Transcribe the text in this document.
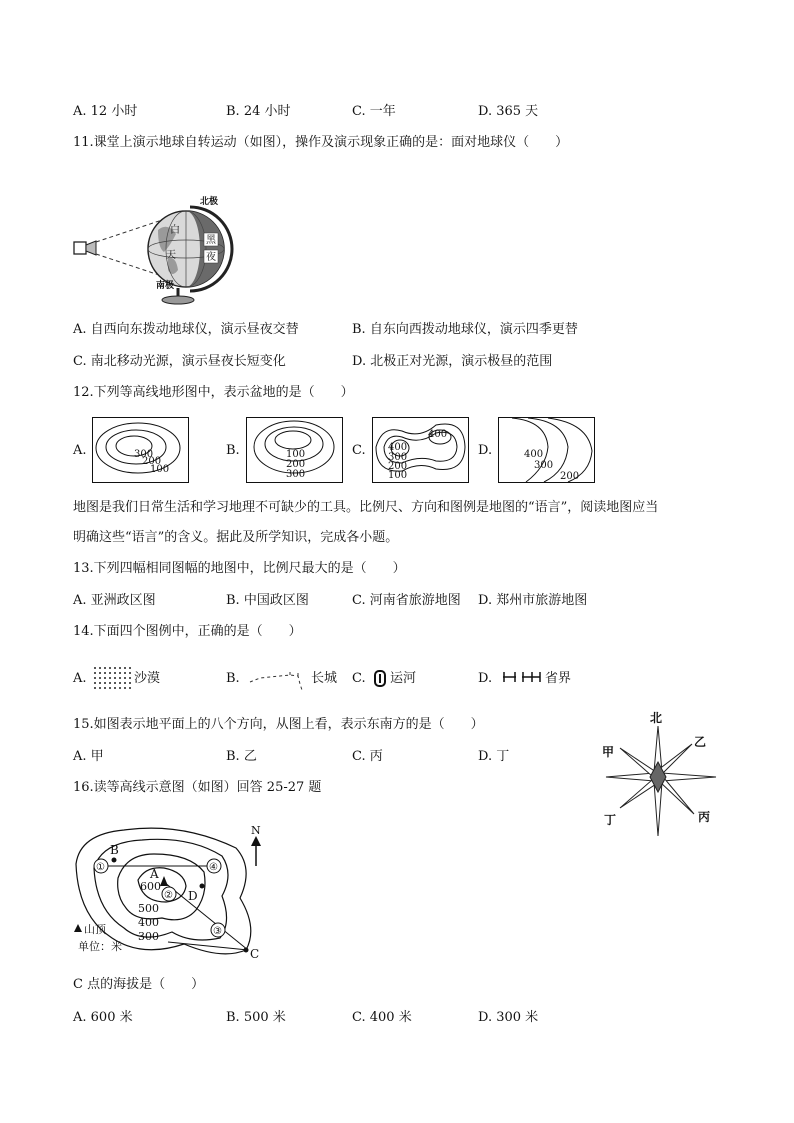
A. 12 小时	B. 24 小时	C. 一年	D. 365 天
11.课堂上演示地球自转运动（如图），操作及演示现象正确的是：面对地球仪（　　）
北极
南极
白
天
黑
夜
A. 自西向东拨动地球仪，演示昼夜交替	B. 自东向西拨动地球仪，演示四季更替
C. 南北移动光源，演示昼夜长短变化	D. 北极正对光源，演示极昼的范围
12.下列等高线地形图中，表示盆地的是（　　）
A.	300
200
100
B.	100
200
300
C.
400
400
300
200
100
D.	400
300
200
地图是我们日常生活和学习地理不可缺少的工具。比例尺、方向和图例是地图的“语言”，阅读地图应当
明确这些“语言”的含义。据此及所学知识，完成各小题。
13.下列四幅相同图幅的地图中，比例尺最大的是（　　）
A. 亚洲政区图	B. 中国政区图	C. 河南省旅游地图 D. 郑州市旅游地图
14.下面四个图例中，正确的是（　　）
A.	沙漠	B.	长城 C. 运河	D.	省界
15.如图表示地平面上的八个方向，从图上看，表示东南方的是（　　）
A. 甲	B. 乙	C. 丙	D. 丁
北
甲
乙
丙
丁
16.读等高线示意图（如图）回答 25-27 题
①	④
②
③
B
A
D
C
600
500
400
300
N
山顶
单位：米
C 点的海拔是（　　）
A. 600 米	B. 500 米	C. 400 米	D. 300 米
